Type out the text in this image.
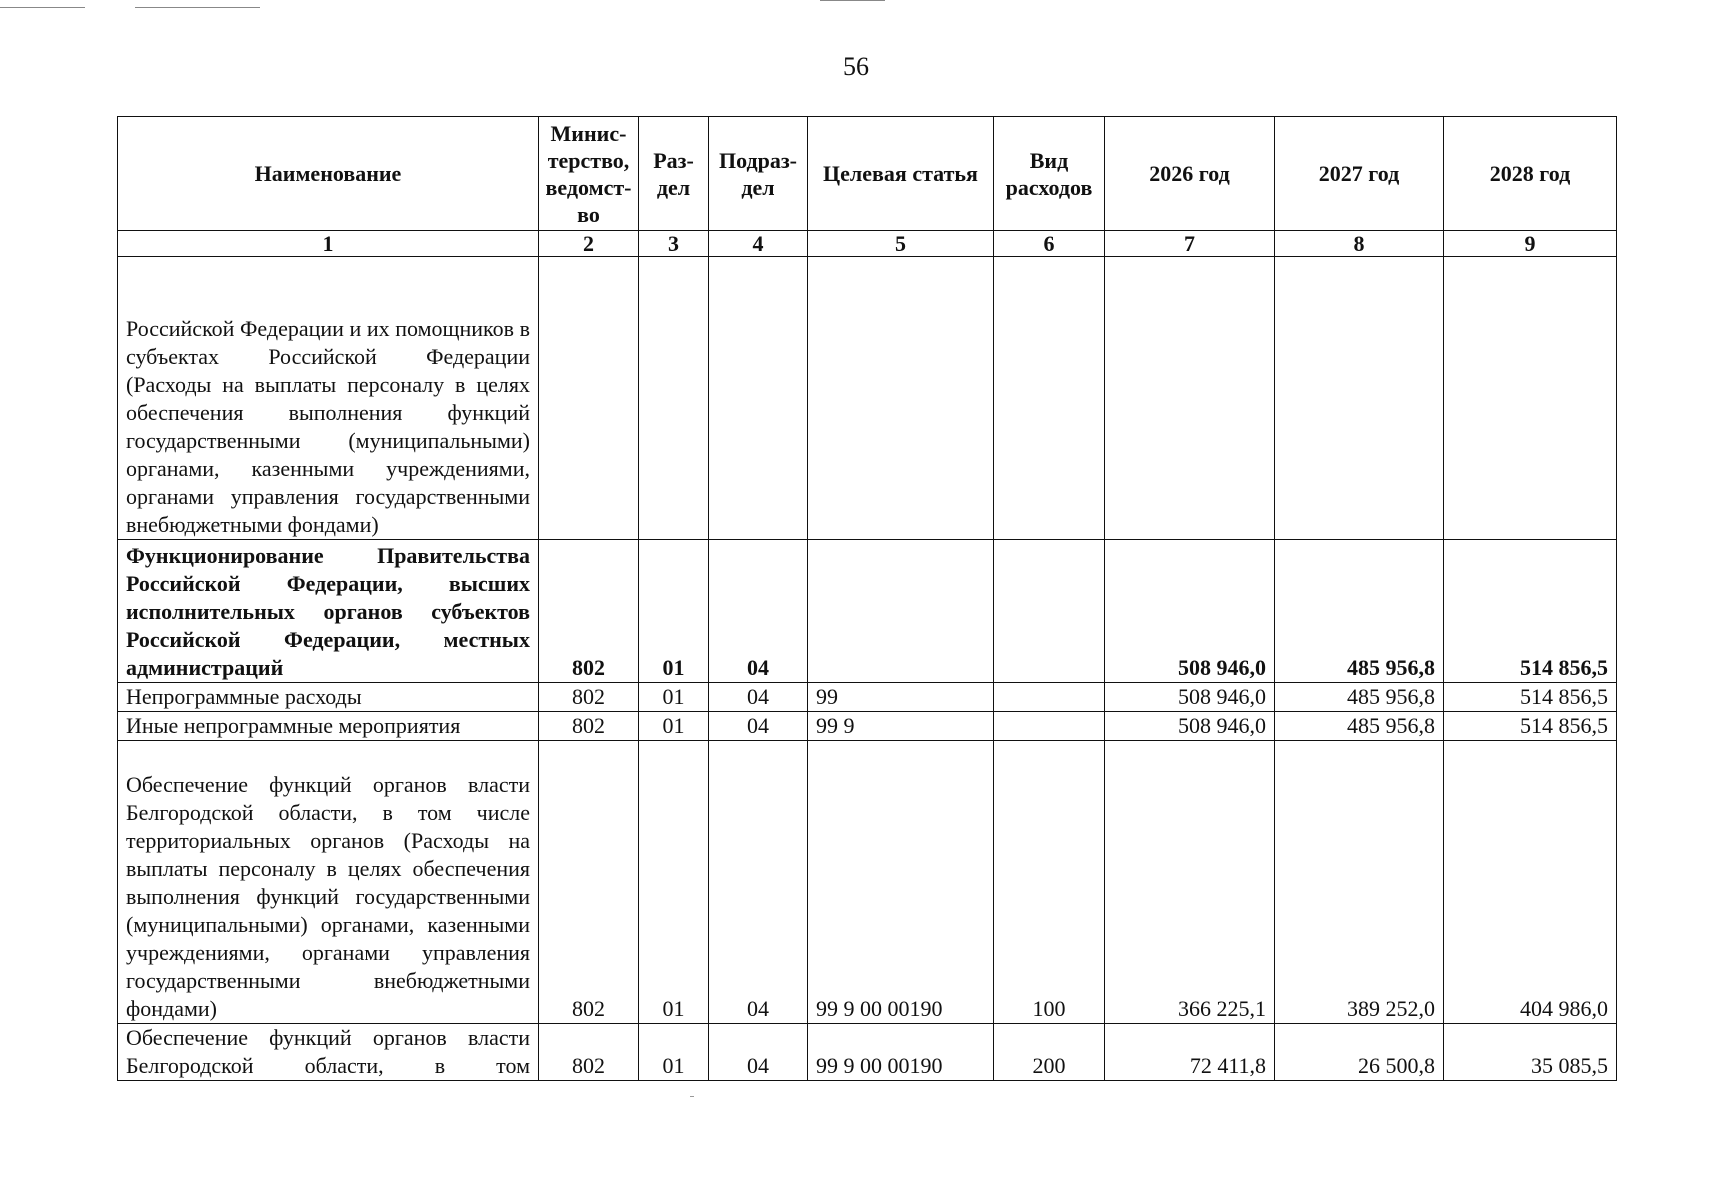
56
Наименование	Минис-терство, ведомст-во	Раз-дел	Подраз-дел	Целевая статья	Вид расходов	2026 год	2027 год	2028 год
1	2	3	4	5	6	7	8	9
Российской Федерации и их помощников в субъектах Российской Федерации (Расходы на выплаты персоналу в целях обеспечения выполнения функций государственными (муниципальными) органами, казенными учреждениями, органами управления государственными внебюджетными фондами)								
Функционирование Правительства Российской Федерации, высших исполнительных органов субъектов Российской Федерации, местных администраций	802	01	04			508 946,0	485 956,8	514 856,5
Непрограммные расходы	802	01	04	99		508 946,0	485 956,8	514 856,5
Иные непрограммные мероприятия	802	01	04	99 9		508 946,0	485 956,8	514 856,5
Обеспечение функций органов власти Белгородской области, в том числе территориальных органов (Расходы на выплаты персоналу в целях обеспечения выполнения функций государственными (муниципальными) органами, казенными учреждениями, органами управления государственными внебюджетными фондами)	802	01	04	99 9 00 00190	100	366 225,1	389 252,0	404 986,0
Обеспечение функций органов власти Белгородской области, в том	802	01	04	99 9 00 00190	200	72 411,8	26 500,8	35 085,5
